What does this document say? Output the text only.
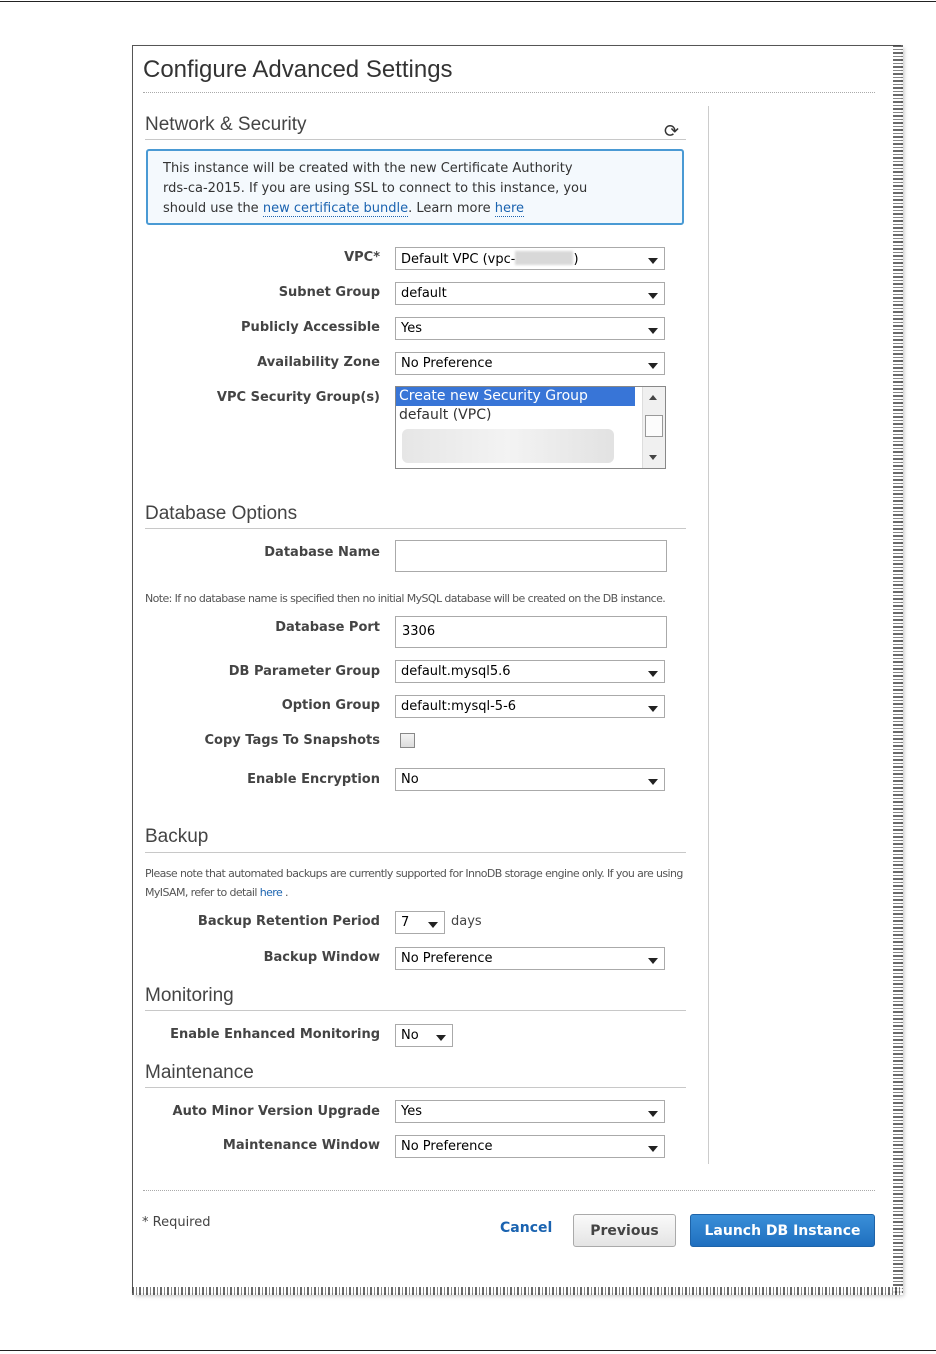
Configure Advanced Settings
Network & Security	⟳
This instance will be created with the new Certificate Authority
rds-ca-2015. If you are using SSL to connect to this instance, you
should use the new certificate bundle. Learn more here
VPC*	Default VPC (vpc-	)
Subnet Group	default
Publicly Accessible	Yes
Availability Zone	No Preference
VPC Security Group(s) Create new Security Group
default (VPC)
Database Options
Database Name
Note: If no database name is specified then no initial MySQL database will be created on the DB instance.
Database Port	3306
DB Parameter Group	default.mysql5.6
Option Group	default:mysql-5-6
Copy Tags To Snapshots
Enable Encryption	No
Backup
Please note that automated backups are currently supported for InnoDB storage engine only. If you are using
MyISAM, refer to detail here .
Backup Retention Period	7	days
Backup Window	No Preference
Monitoring
Enable Enhanced Monitoring	No
Maintenance
Auto Minor Version Upgrade	Yes
Maintenance Window	No Preference
* Required	Cancel	Previous	Launch DB Instance
